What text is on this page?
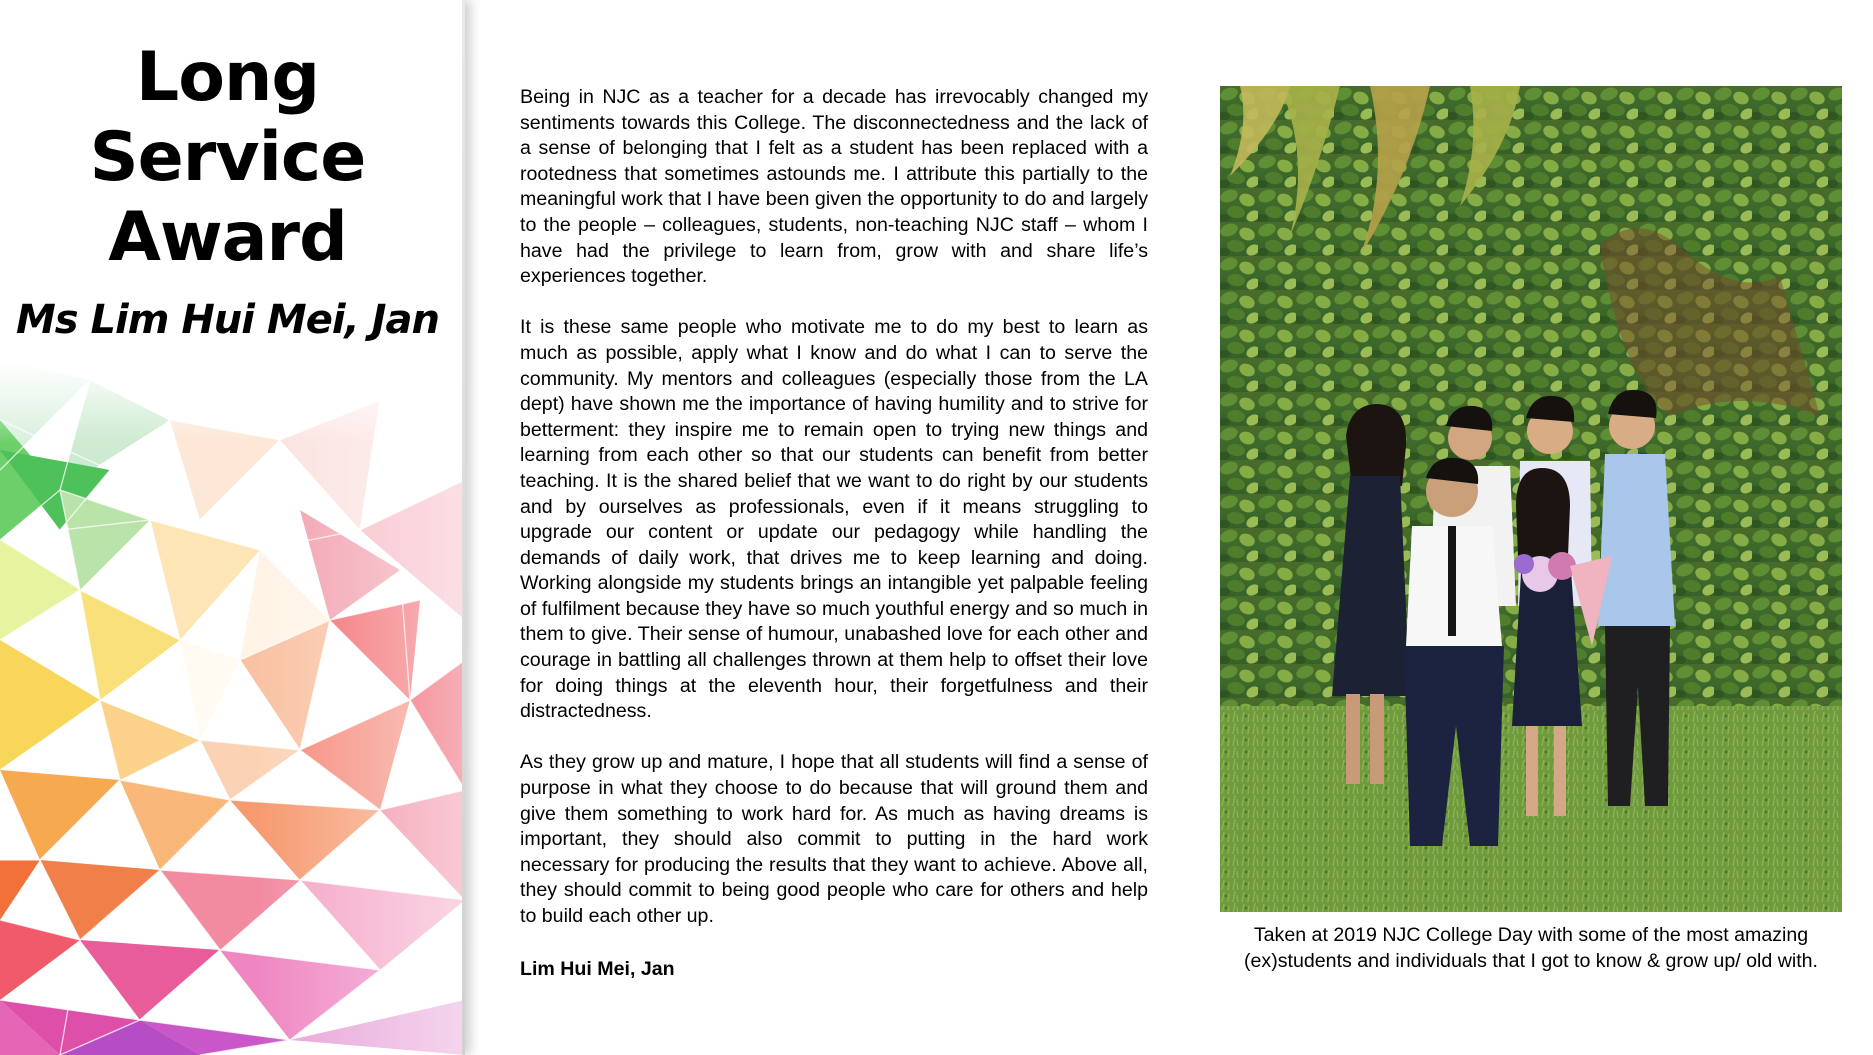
Long Service
Award
Ms Lim Hui Mei, Jan

Being in NJC as a teacher for a decade has irrevocably changed my sentiments towards this College. The disconnectedness and the lack of a sense of belonging that I felt as a student has been replaced with a rootedness that sometimes astounds me. I attribute this partially to the meaningful work that I have been given the opportunity to do and largely to the people – colleagues, students, non-teaching NJC staff – whom I have had the privilege to learn from, grow with and share life’s experiences together.

It is these same people who motivate me to do my best to learn as much as possible, apply what I know and do what I can to serve the community. My mentors and colleagues (especially those from the LA dept) have shown me the importance of having humility and to strive for betterment: they inspire me to remain open to trying new things and learning from each other so that our students can benefit from better teaching. It is the shared belief that we want to do right by our students and by ourselves as professionals, even if it means struggling to upgrade our content or update our pedagogy while handling the demands of daily work, that drives me to keep learning and doing. Working alongside my students brings an intangible yet palpable feeling of fulfilment because they have so much youthful energy and so much in them to give. Their sense of humour, unabashed love for each other and courage in battling all challenges thrown at them help to offset their love for doing things at the eleventh hour, their forgetfulness and their distractedness.

As they grow up and mature, I hope that all students will find a sense of purpose in what they choose to do because that will ground them and give them something to work hard for. As much as having dreams is important, they should also commit to putting in the hard work necessary for producing the results that they want to achieve. Above all, they should commit to being good people who care for others and help to build each other up.

Lim Hui Mei, Jan

Taken at 2019 NJC College Day with some of the most amazing
(ex)students and individuals that I got to know & grow up/ old with.
